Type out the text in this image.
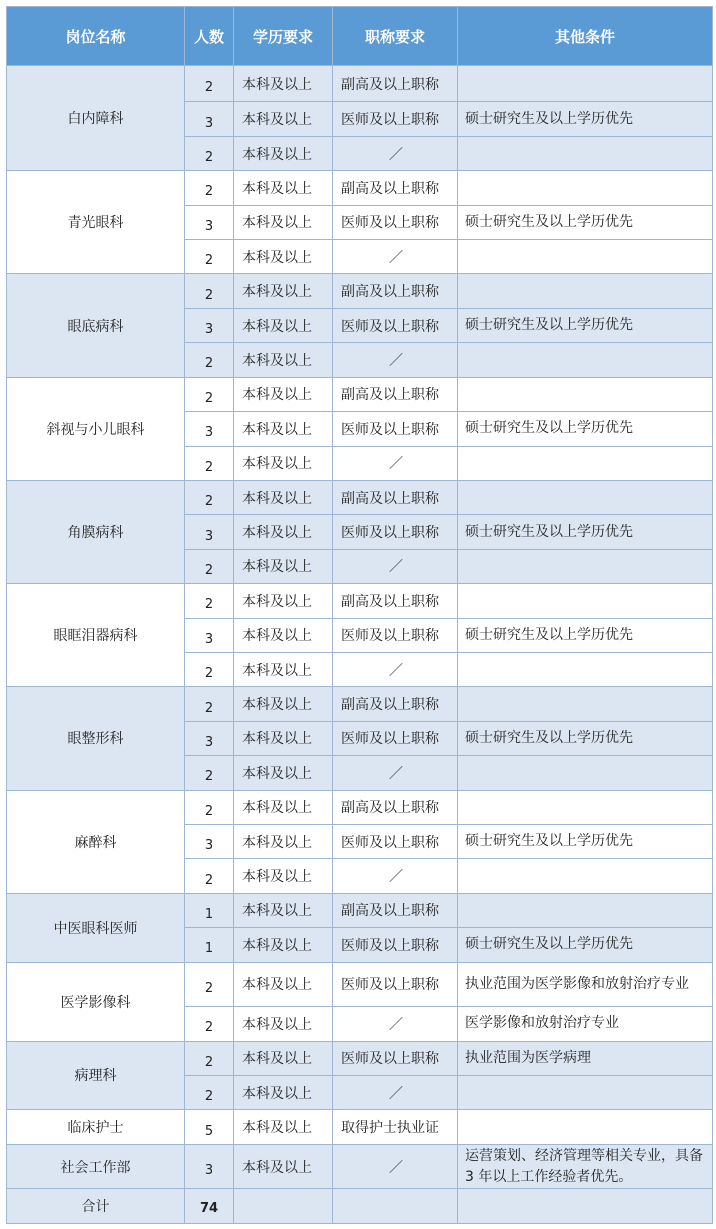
岗位名称	人数	学历要求	职称要求	其他条件
白内障科	2	本科及以上	副高及以上职称	
	3	本科及以上	医师及以上职称	硕士研究生及以上学历优先
	2	本科及以上	／	
青光眼科	2	本科及以上	副高及以上职称	
	3	本科及以上	医师及以上职称	硕士研究生及以上学历优先
	2	本科及以上	／	
眼底病科	2	本科及以上	副高及以上职称	
	3	本科及以上	医师及以上职称	硕士研究生及以上学历优先
	2	本科及以上	／	
斜视与小儿眼科	2	本科及以上	副高及以上职称	
	3	本科及以上	医师及以上职称	硕士研究生及以上学历优先
	2	本科及以上	／	
角膜病科	2	本科及以上	副高及以上职称	
	3	本科及以上	医师及以上职称	硕士研究生及以上学历优先
	2	本科及以上	／	
眼眶泪器病科	2	本科及以上	副高及以上职称	
	3	本科及以上	医师及以上职称	硕士研究生及以上学历优先
	2	本科及以上	／	
眼整形科	2	本科及以上	副高及以上职称	
	3	本科及以上	医师及以上职称	硕士研究生及以上学历优先
	2	本科及以上	／	
麻醉科	2	本科及以上	副高及以上职称	
	3	本科及以上	医师及以上职称	硕士研究生及以上学历优先
	2	本科及以上	／	
中医眼科医师	1	本科及以上	副高及以上职称	
	1	本科及以上	医师及以上职称	硕士研究生及以上学历优先
医学影像科	2	本科及以上	医师及以上职称	执业范围为医学影像和放射治疗专业
	2	本科及以上	／	医学影像和放射治疗专业
病理科	2	本科及以上	医师及以上职称	执业范围为医学病理
	2	本科及以上	／	
临床护士	5	本科及以上	取得护士执业证	
社会工作部	3	本科及以上	／	运营策划、经济管理等相关专业，具备 3 年以上工作经验者优先。
合计	74			
